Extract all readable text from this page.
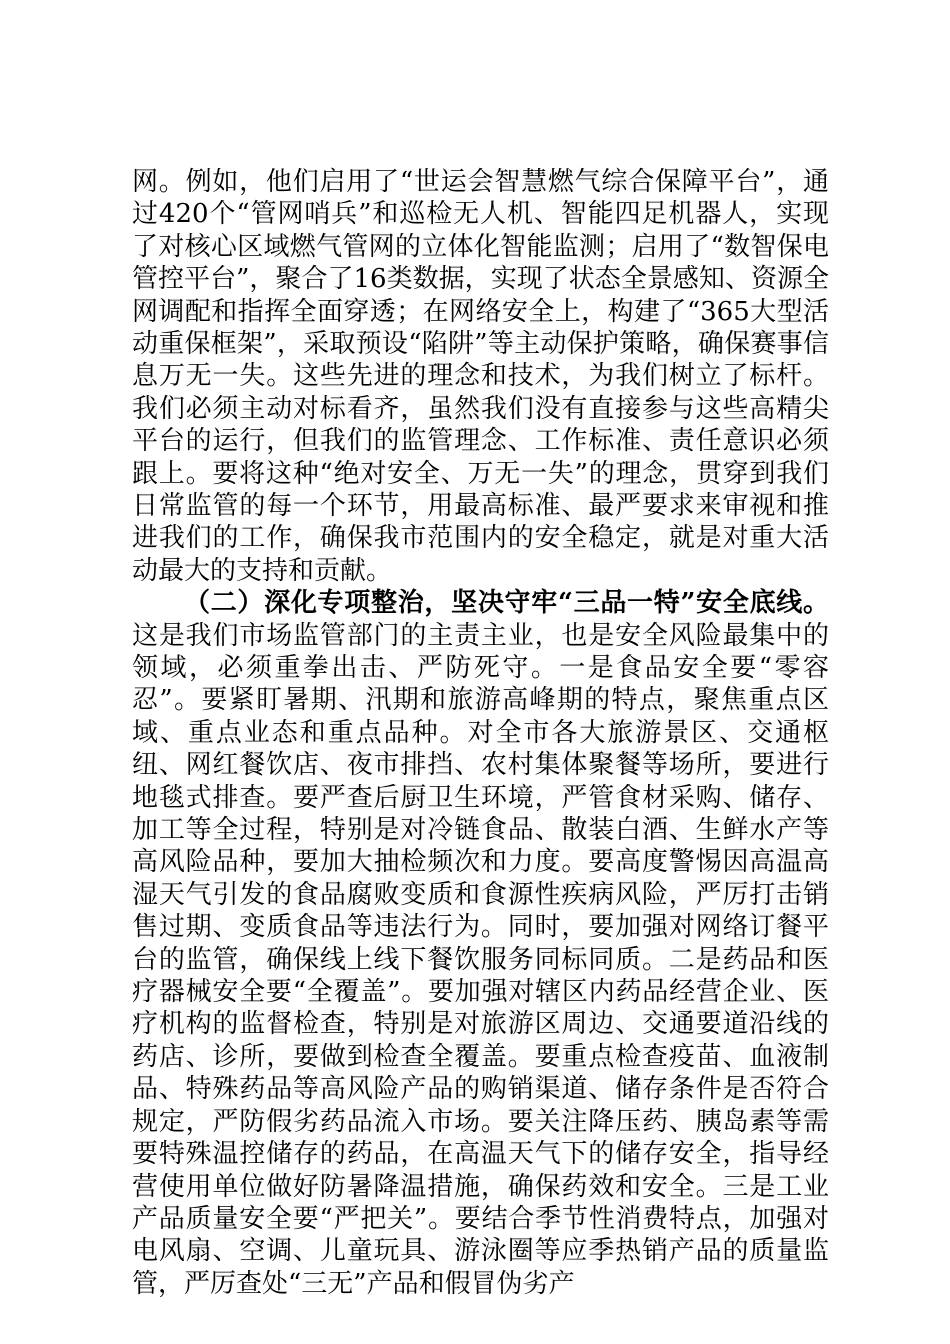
网。例如，他们启用了“世运会智慧燃气综合保障平台”，通过420个“管网哨兵”和巡检无人机、智能四足机器人，实现了对核心区域燃气管网的立体化智能监测；启用了“数智保电管控平台”，聚合了16类数据，实现了状态全景感知、资源全网调配和指挥全面穿透；在网络安全上，构建了“365大型活动重保框架”，采取预设“陷阱”等主动保护策略，确保赛事信息万无一失。这些先进的理念和技术，为我们树立了标杆。我们必须主动对标看齐，虽然我们没有直接参与这些高精尖平台的运行，但我们的监管理念、工作标准、责任意识必须跟上。要将这种“绝对安全、万无一失”的理念，贯穿到我们日常监管的每一个环节，用最高标准、最严要求来审视和推进我们的工作，确保我市范围内的安全稳定，就是对重大活动最大的支持和贡献。

（二）深化专项整治，坚决守牢“三品一特”安全底线。这是我们市场监管部门的主责主业，也是安全风险最集中的领域，必须重拳出击、严防死守。一是食品安全要“零容忍”。要紧盯暑期、汛期和旅游高峰期的特点，聚焦重点区域、重点业态和重点品种。对全市各大旅游景区、交通枢纽、网红餐饮店、夜市排挡、农村集体聚餐等场所，要进行地毯式排查。要严查后厨卫生环境，严管食材采购、储存、加工等全过程，特别是对冷链食品、散装白酒、生鲜水产等高风险品种，要加大抽检频次和力度。要高度警惕因高温高湿天气引发的食品腐败变质和食源性疾病风险，严厉打击销售过期、变质食品等违法行为。同时，要加强对网络订餐平台的监管，确保线上线下餐饮服务同标同质。二是药品和医疗器械安全要“全覆盖”。要加强对辖区内药品经营企业、医疗机构的监督检查，特别是对旅游区周边、交通要道沿线的药店、诊所，要做到检查全覆盖。要重点检查疫苗、血液制品、特殊药品等高风险产品的购销渠道、储存条件是否符合规定，严防假劣药品流入市场。要关注降压药、胰岛素等需要特殊温控储存的药品，在高温天气下的储存安全，指导经营使用单位做好防暑降温措施，确保药效和安全。三是工业产品质量安全要“严把关”。要结合季节性消费特点，加强对电风扇、空调、儿童玩具、游泳圈等应季热销产品的质量监管，严厉查处“三无”产品和假冒伪劣产
